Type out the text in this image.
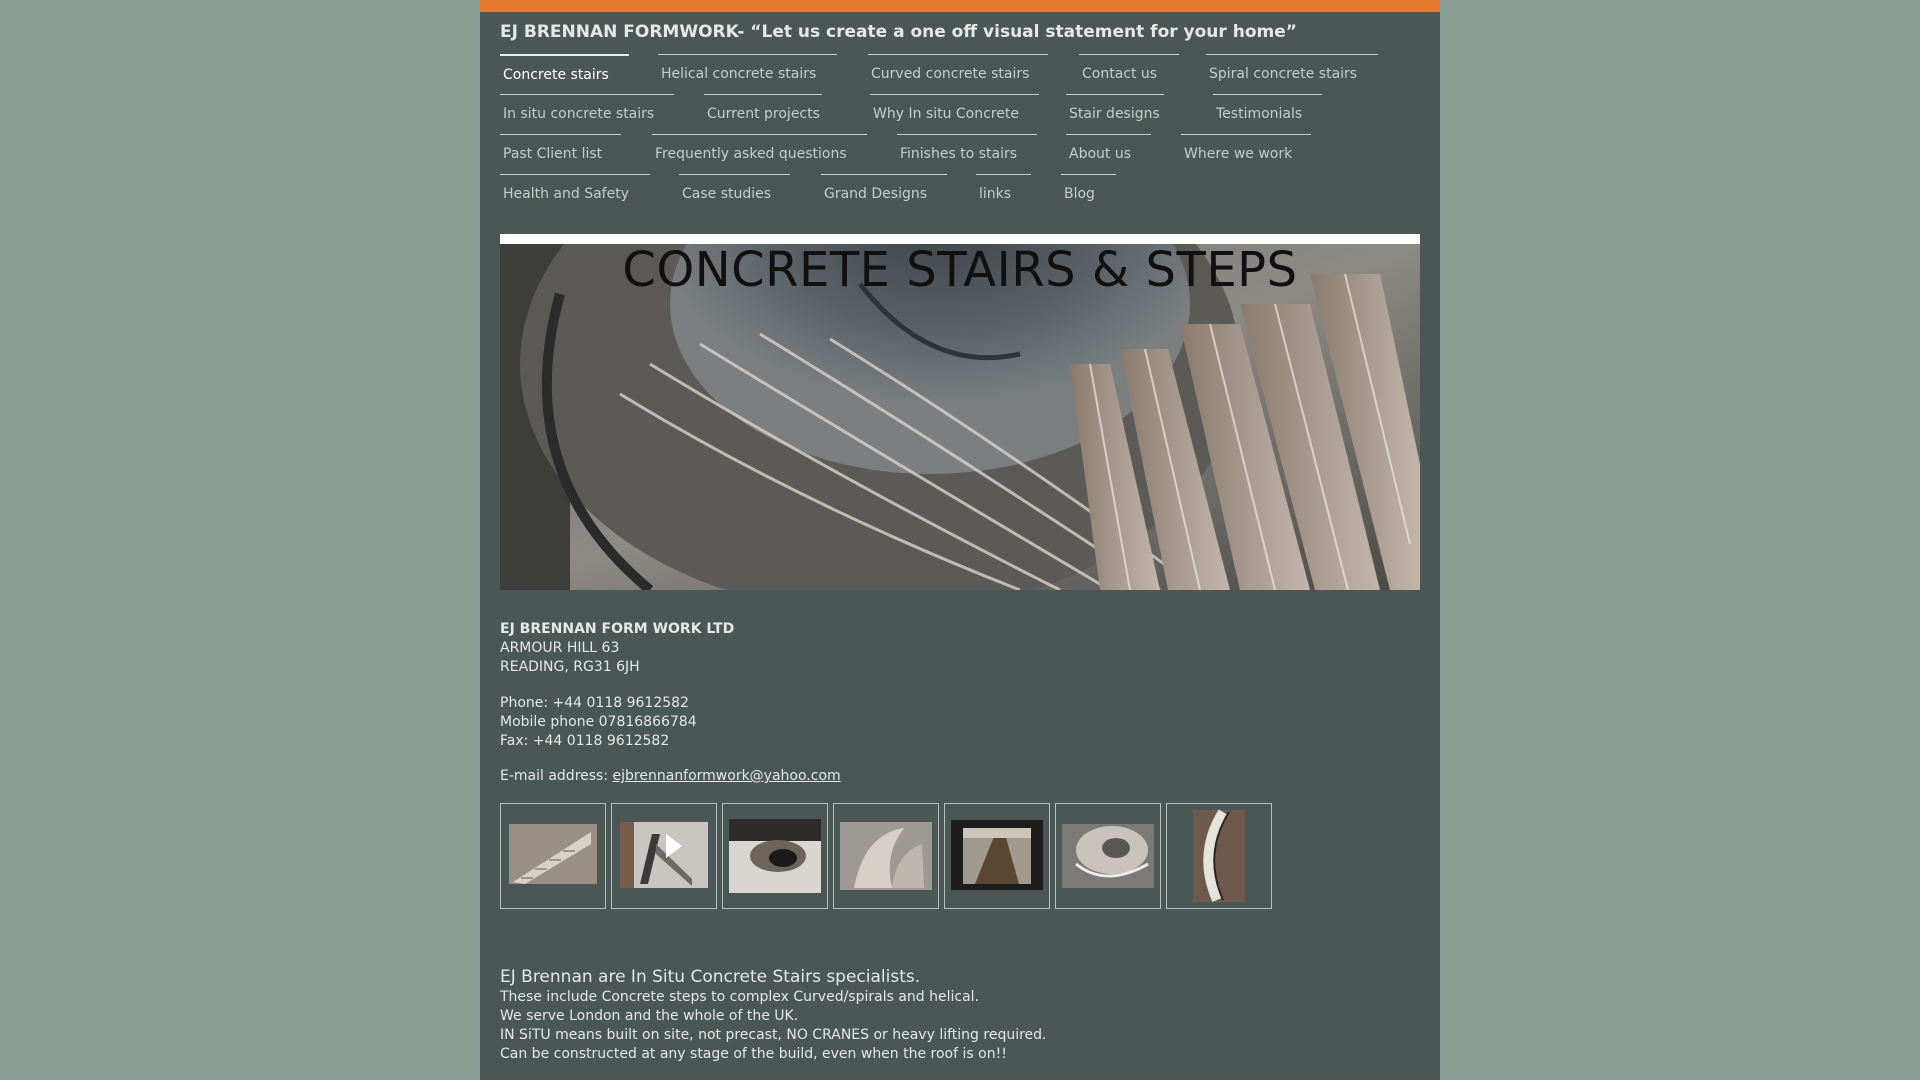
EJ BRENNAN FORMWORK- “Let us create a one off visual statement for your home”
Concrete stairs	Helical concrete stairs	Curved concrete stairs	Contact us	Spiral concrete stairs
In situ concrete stairs	Current projects	Why In situ Concrete	Stair designs	Testimonials
Past Client list	Frequently asked questions	Finishes to stairs	About us	Where we work
Health and Safety	Case studies	Grand Designs	links	Blog
CONCRETE STAIRS & STEPS

EJ BRENNAN FORM WORK LTD

ARMOUR HILL 63

READING, RG31 6JH

Phone: +44 0118 9612582

Mobile phone 07816866784

Fax: +44 0118 9612582

E-mail address: ejbrennanformwork@yahoo.com

EJ Brennan are In Situ Concrete Stairs specialists.

These include Concrete steps to complex Curved/spirals and helical.

We serve London and the whole of the UK.

IN SiTU means built on site, not precast, NO CRANES or heavy lifting required.

Can be constructed at any stage of the build, even when the roof is on!!
